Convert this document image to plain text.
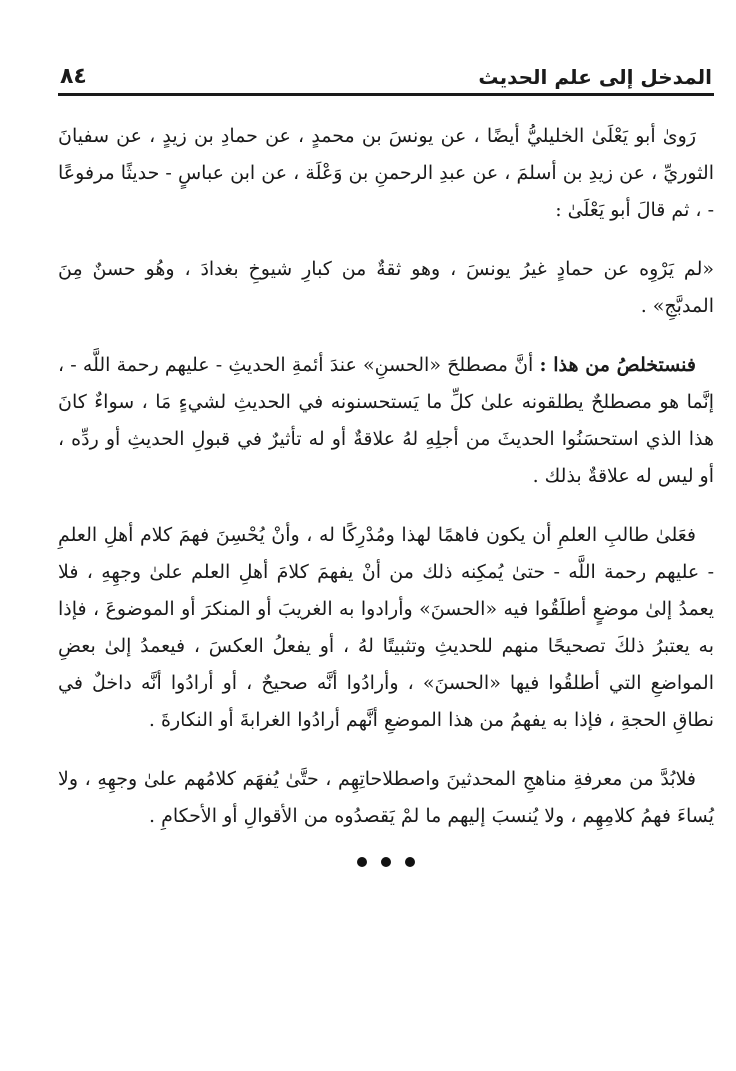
المدخل إلى علم الحديث
٨٤

رَوىٰ أبو يَعْلَىٰ الخليليُّ أيضًا ، عن يونسَ بن محمدٍ ، عن حمادِ بن زيدٍ ، عن سفيانَ الثوريِّ ، عن زيدِ بن أسلمَ ، عن عبدِ الرحمنِ بن وَعْلَة ، عن ابن عباسٍ - حديثًا مرفوعًا - ، ثم قالَ أبو يَعْلَىٰ :

«لم يَرْوِه عن حمادٍ غيرُ يونسَ ، وهو ثقةٌ من كبارِ شيوخِ بغدادَ ، وهُو حسنٌ مِنَ المدبَّجِ» .

فنستخلصُ من هذا : أنَّ مصطلحَ «الحسنِ» عندَ أئمةِ الحديثِ - عليهم رحمة اللَّه - ، إنَّما هو مصطلحٌ يطلقونه علىٰ كلِّ ما يَستحسنونه في الحديثِ لشيءٍ مَا ، سواءٌ كانَ هذا الذي استحسَنُوا الحديثَ من أجلِهِ لهُ علاقةٌ أو له تأثيرٌ في قبولِ الحديثِ أو ردِّه ، أو ليس له علاقةٌ بذلك .

فعَلىٰ طالبِ العلمِ أن يكون فاهمًا لهذا ومُدْرِكًا له ، وأنْ يُحْسِنَ فهمَ كلام أهلِ العلمِ - عليهم رحمة اللَّه - حتىٰ يُمكِنه ذلك من أنْ يفهمَ كلامَ أهلِ العلم علىٰ وجهِهِ ، فلا يعمدُ إلىٰ موضعٍ أطلَقُوا فيه «الحسنَ» وأرادوا به الغريبَ أو المنكرَ أو الموضوعَ ، فإذا به يعتبرُ ذلكَ تصحيحًا منهم للحديثِ وتثبيتًا لهُ ، أو يفعلُ العكسَ ، فيعمدُ إلىٰ بعضِ المواضعِ التي أطلقُوا فيها «الحسنَ» ، وأرادُوا أنَّه صحيحٌ ، أو أرادُوا أنَّه داخلٌ في نطاقِ الحجةِ ، فإذا به يفهمُ من هذا الموضعِ أنَّهم أرادُوا الغرابةَ أو النكارةَ .

فلابُدَّ من معرفةِ مناهجِ المحدثينَ واصطلاحاتِهِم ، حتَّىٰ يُفهَم كلامُهم علىٰ وجهِهِ ، ولا يُساءَ فهمُ كلامِهِم ، ولا يُنسبَ إليهم ما لمْ يَقصدُوه من الأقوالِ أو الأحكامِ .
